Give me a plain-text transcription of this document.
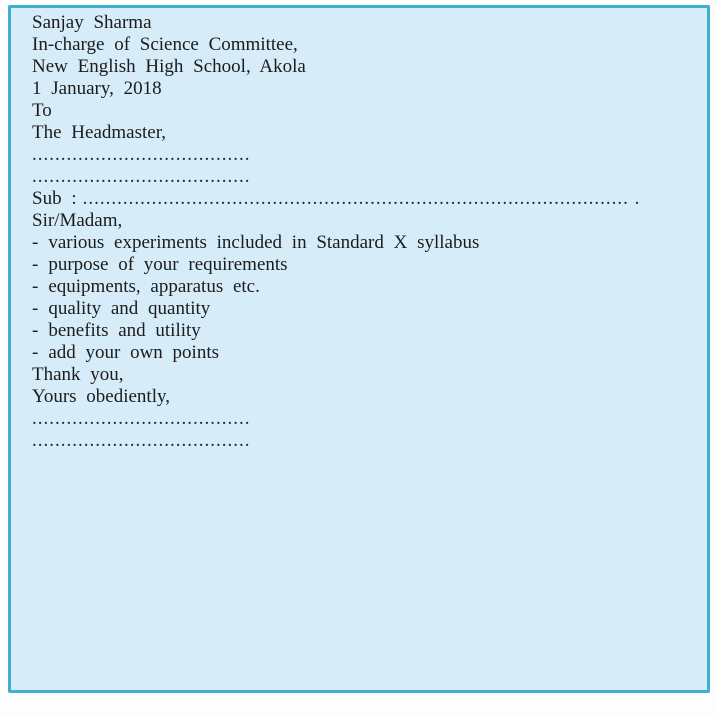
Sanjay Sharma

In-charge of Science Committee,

New English High School, Akola

1 January, 2018

To

The Headmaster,

......................................

......................................

Sub : ............................................................................................... .

Sir/Madam,

- various experiments included in Standard X syllabus

- purpose of your requirements

- equipments, apparatus etc.

- quality and quantity

- benefits and utility

- add your own points

Thank you,

Yours obediently,

......................................

......................................
